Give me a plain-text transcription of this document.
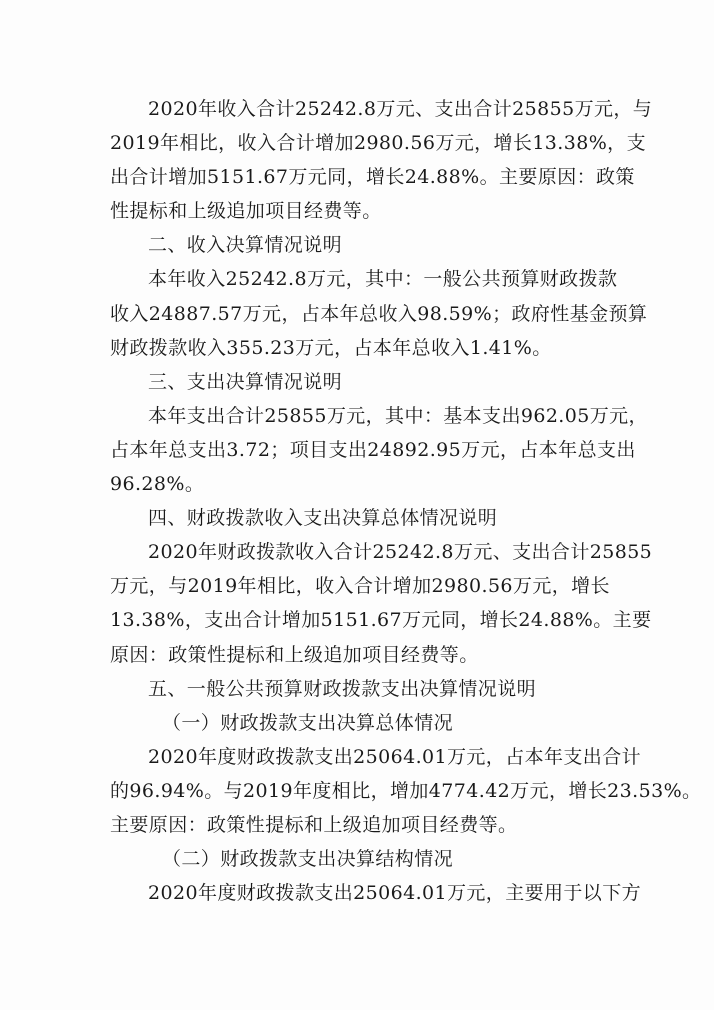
2020年收入合计25242.8万元、支出合计25855万元，与
2019年相比，收入合计增加2980.56万元，增长13.38%，支
出合计增加5151.67万元同，增长24.88%。主要原因：政策
性提标和上级追加项目经费等。
二、收入决算情况说明
本年收入25242.8万元，其中：一般公共预算财政拨款
收入24887.57万元，占本年总收入98.59%；政府性基金预算
财政拨款收入355.23万元，占本年总收入1.41%。
三、支出决算情况说明
本年支出合计25855万元，其中：基本支出962.05万元，
占本年总支出3.72；项目支出24892.95万元，占本年总支出
96.28%。
四、财政拨款收入支出决算总体情况说明
2020年财政拨款收入合计25242.8万元、支出合计25855
万元，与2019年相比，收入合计增加2980.56万元，增长
13.38%，支出合计增加5151.67万元同，增长24.88%。主要
原因：政策性提标和上级追加项目经费等。
五、一般公共预算财政拨款支出决算情况说明
（一）财政拨款支出决算总体情况
2020年度财政拨款支出25064.01万元，占本年支出合计
的96.94%。与2019年度相比，增加4774.42万元，增长23.53%。
主要原因：政策性提标和上级追加项目经费等。
（二）财政拨款支出决算结构情况
2020年度财政拨款支出25064.01万元，主要用于以下方
